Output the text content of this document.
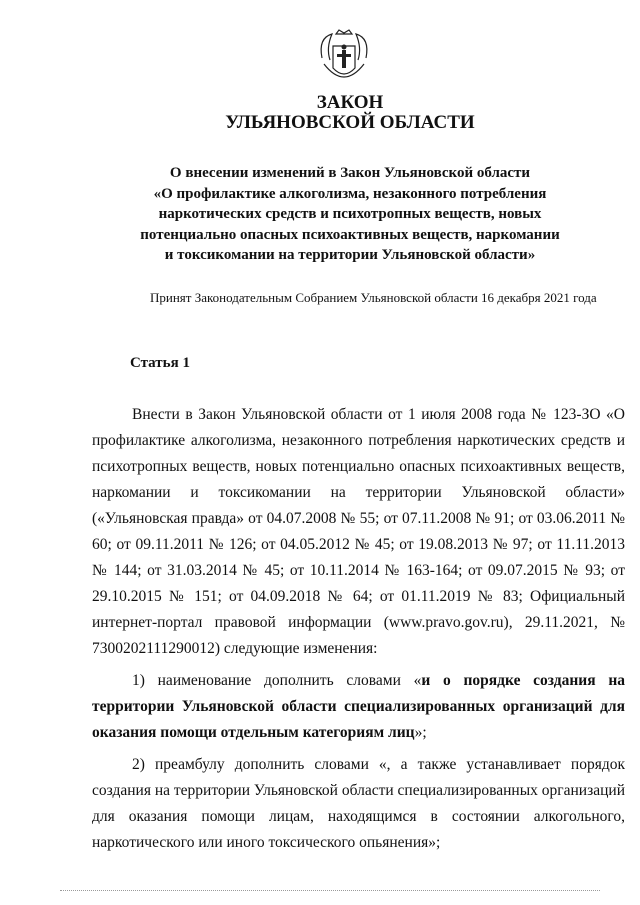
ЗАКОН
УЛЬЯНОВСКОЙ ОБЛАСТИ
О внесении изменений в Закон Ульяновской области
«О профилактике алкоголизма, незаконного потребления
наркотических средств и психотропных веществ, новых
потенциально опасных психоактивных веществ, наркомании
и токсикомании на территории Ульяновской области»
Принят Законодательным Собранием Ульяновской области 16 декабря 2021 года
Статья 1

Внести в Закон Ульяновской области от 1 июля 2008 года № 123-ЗО «О профилактике алкоголизма, незаконного потребления наркотических средств и психотропных веществ, новых потенциально опасных психоактивных веществ, наркомании и токсикомании на территории Ульяновской области» («Ульяновская правда» от 04.07.2008 № 55; от 07.11.2008 № 91; от 03.06.2011 № 60; от 09.11.2011 № 126; от 04.05.2012 № 45; от 19.08.2013 № 97; от 11.11.2013 № 144; от 31.03.2014 № 45; от 10.11.2014 № 163-164; от 09.07.2015 № 93; от 29.10.2015 № 151; от 04.09.2018 № 64; от 01.11.2019 № 83; Официальный интернет-портал правовой информации (www.pravo.gov.ru), 29.11.2021, № 7300202111290012) следующие изменения:

1) наименование дополнить словами «и о порядке создания на территории Ульяновской области специализированных организаций для оказания помощи отдельным категориям лиц»;

2) преамбулу дополнить словами «, а также устанавливает порядок создания на территории Ульяновской области специализированных организаций для оказания помощи лицам, находящимся в состоянии алкогольного, наркотического или иного токсического опьянения»;
